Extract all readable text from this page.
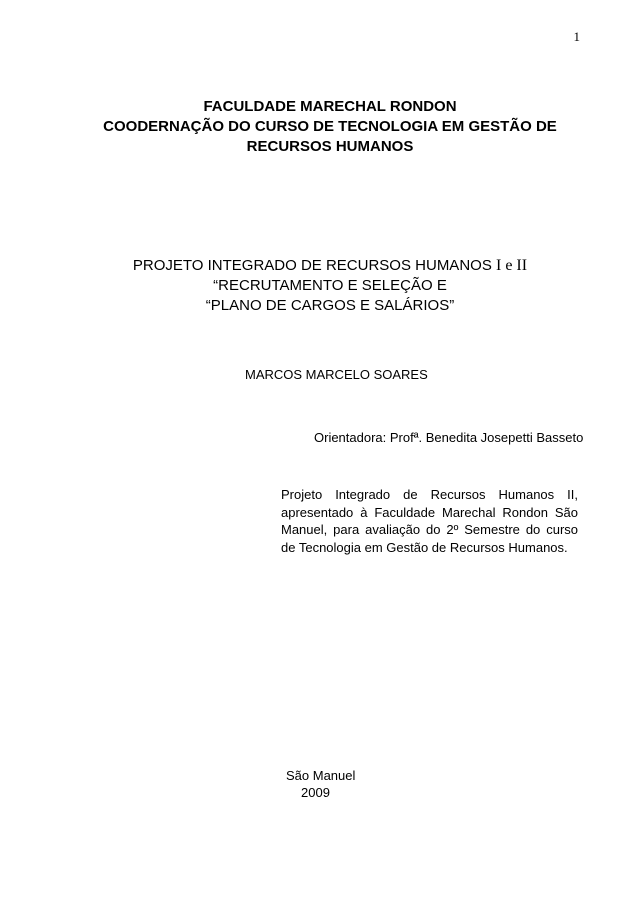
1
FACULDADE MARECHAL RONDON
COODERNAÇÃO DO CURSO DE TECNOLOGIA EM GESTÃO DE
RECURSOS HUMANOS
PROJETO INTEGRADO DE RECURSOS HUMANOS I e II
“RECRUTAMENTO E SELEÇÃO E
“PLANO DE CARGOS E SALÁRIOS”
MARCOS MARCELO SOARES
Orientadora: Profª. Benedita Josepetti Basseto
Projeto Integrado de Recursos Humanos II, apresentado à Faculdade Marechal Rondon São Manuel, para avaliação do 2º Semestre do curso de Tecnologia em Gestão de Recursos Humanos.
São Manuel
2009
